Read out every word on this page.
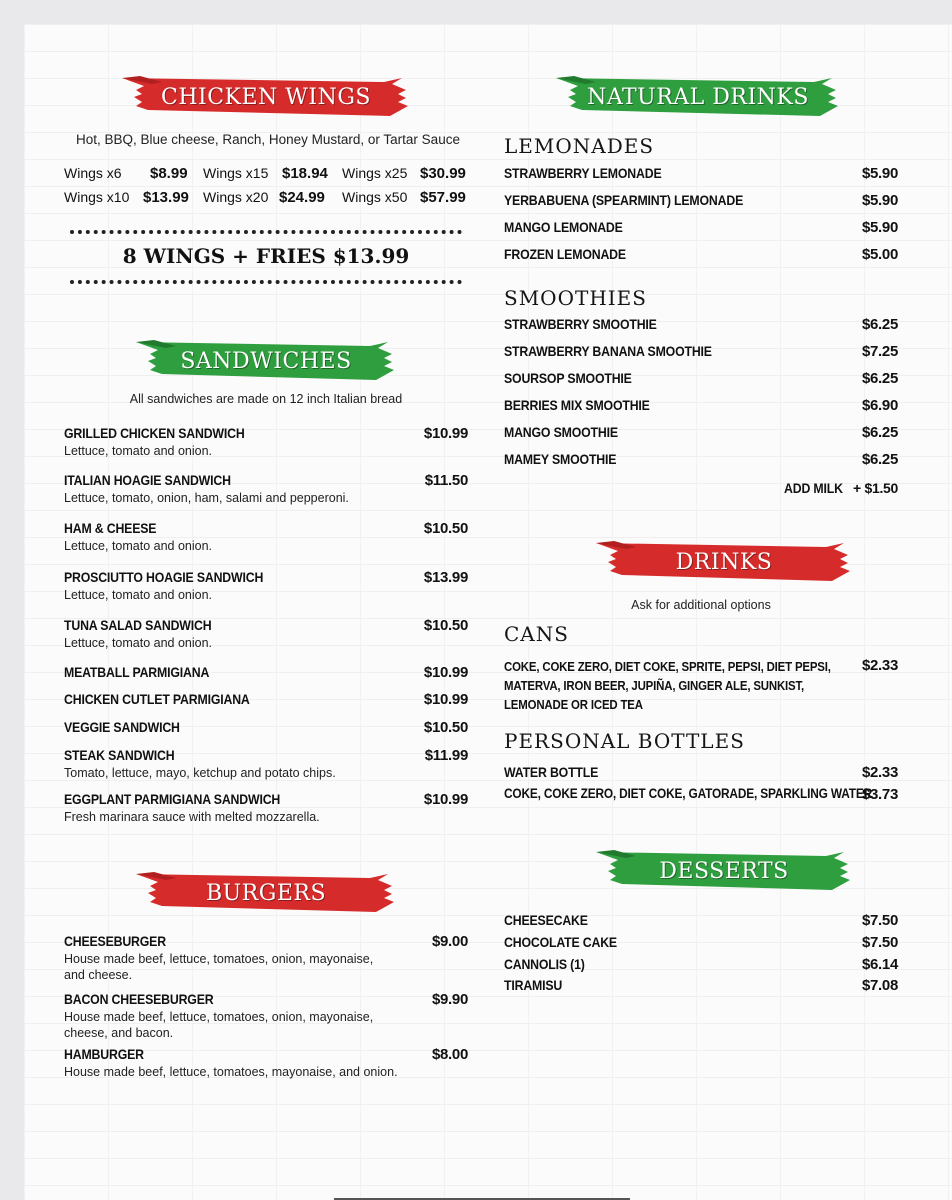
CHICKEN WINGS
Hot, BBQ, Blue cheese, Ranch, Honey Mustard, or Tartar Sauce
Wings x6 $8.99 Wings x15 $18.94 Wings x25 $30.99
Wings x10 $13.99 Wings x20 $24.99 Wings x50 $57.99
8 WINGS + FRIES $13.99
SANDWICHES
All sandwiches are made on 12 inch Italian bread
GRILLED CHICKEN SANDWICH	$10.99
Lettuce, tomato and onion.
ITALIAN HOAGIE SANDWICH	$11.50
Lettuce, tomato, onion, ham, salami and pepperoni.
HAM & CHEESE	$10.50
Lettuce, tomato and onion.
PROSCIUTTO HOAGIE SANDWICH	$13.99
Lettuce, tomato and onion.
TUNA SALAD SANDWICH	$10.50
Lettuce, tomato and onion.
MEATBALL PARMIGIANA	$10.99
CHICKEN CUTLET PARMIGIANA	$10.99
VEGGIE SANDWICH	$10.50
STEAK SANDWICH	$11.99
Tomato, lettuce, mayo, ketchup and potato chips.
EGGPLANT PARMIGIANA SANDWICH	$10.99
Fresh marinara sauce with melted mozzarella.
BURGERS
CHEESEBURGER	$9.00
House made beef, lettuce, tomatoes, onion, mayonaise, and cheese.
BACON CHEESEBURGER	$9.90
House made beef, lettuce, tomatoes, onion, mayonaise, cheese, and bacon.
HAMBURGER	$8.00
House made beef, lettuce, tomatoes, mayonaise, and onion.
NATURAL DRINKS
LEMONADES
STRAWBERRY LEMONADE	$5.90
YERBABUENA (SPEARMINT) LEMONADE	$5.90
MANGO LEMONADE	$5.90
FROZEN LEMONADE	$5.00
SMOOTHIES
STRAWBERRY SMOOTHIE	$6.25
STRAWBERRY BANANA SMOOTHIE	$7.25
SOURSOP SMOOTHIE	$6.25
BERRIES MIX SMOOTHIE	$6.90
MANGO SMOOTHIE	$6.25
MAMEY SMOOTHIE	$6.25
ADD MILK + $1.50
DRINKS
Ask for additional options
CANS
COKE, COKE ZERO, DIET COKE, SPRITE, PEPSI, DIET PEPSI,
MATERVA, IRON BEER, JUPIÑA, GINGER ALE, SUNKIST,
LEMONADE OR ICED TEA
$2.33
PERSONAL BOTTLES
WATER BOTTLE	$2.33
COKE, COKE ZERO, DIET COKE, GATORADE, SPARKLING WATER
$3.73
DESSERTS
CHEESECAKE	$7.50
CHOCOLATE CAKE	$7.50
CANNOLIS (1)	$6.14
TIRAMISU	$7.08
